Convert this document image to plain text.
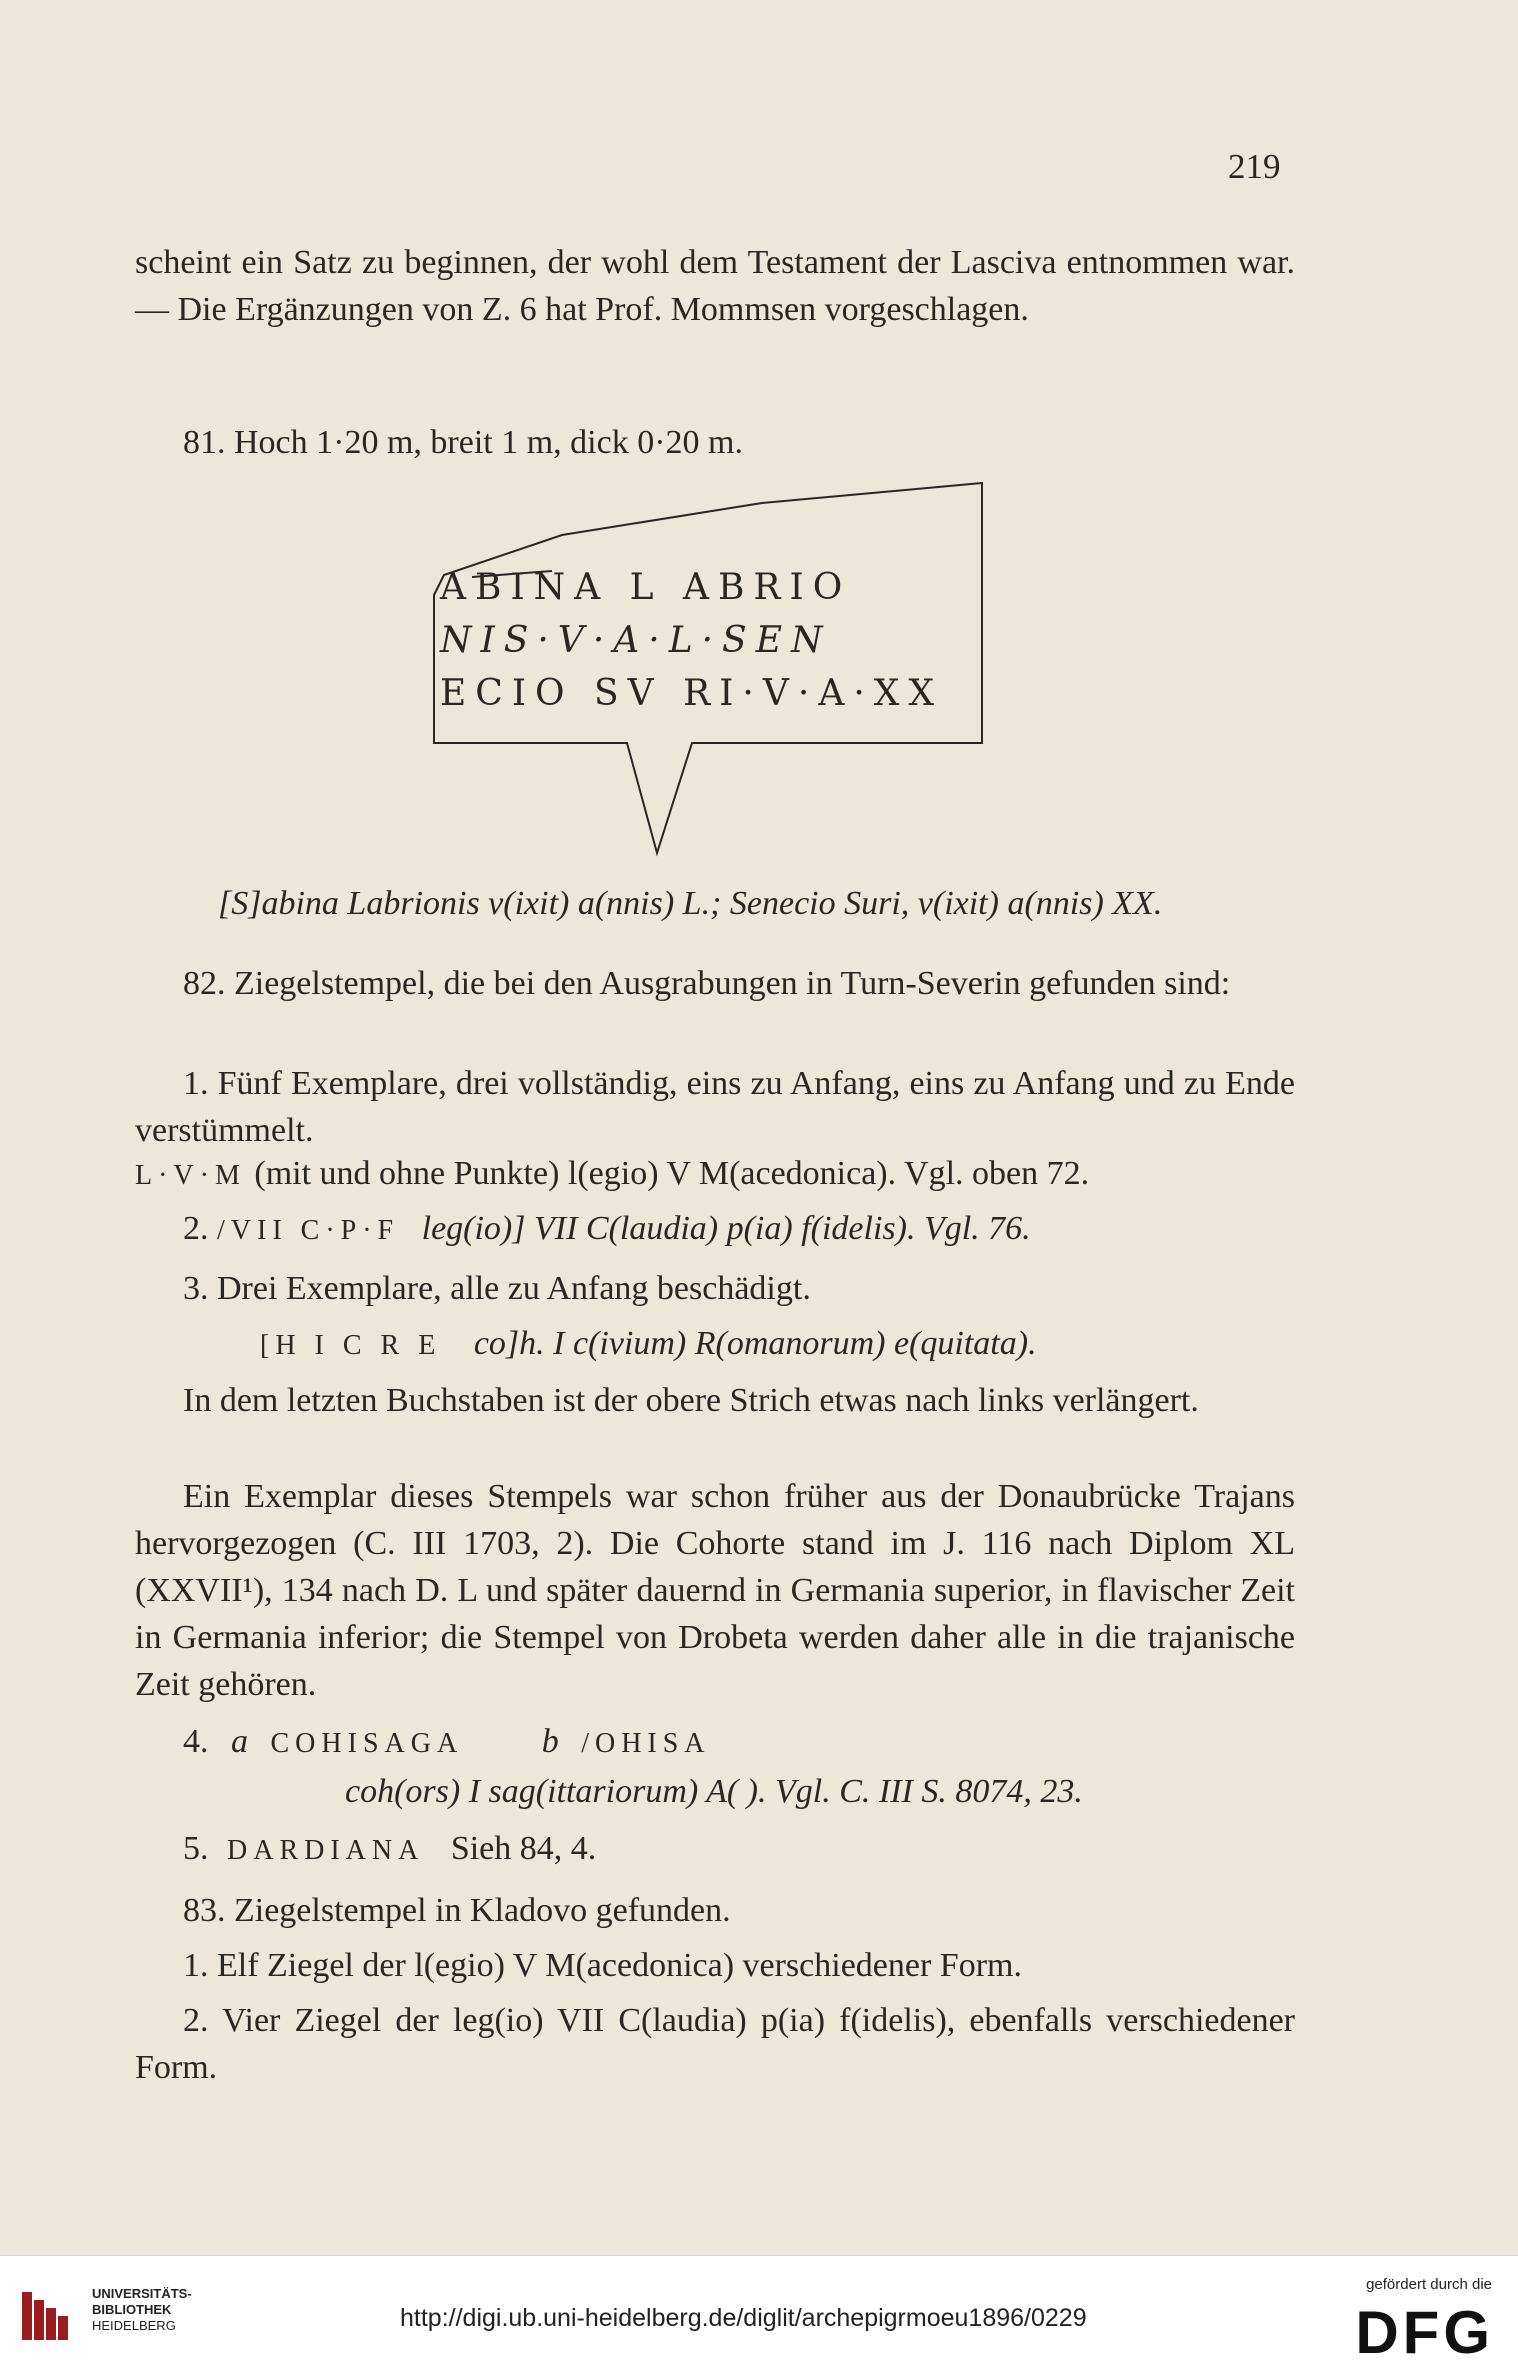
219
scheint ein Satz zu beginnen, der wohl dem Testament der Lasciva entnommen war. — Die Ergänzungen von Z. 6 hat Prof. Mommsen vorgeschlagen.
81. Hoch 1·20 m, breit 1 m, dick 0·20 m.
ABINA L ABRIO
NIS·V·A·L·SEN
ECIO SV RI·V·A·XX
[S]abina Labrionis v(ixit) a(nnis) L.; Senecio Suri, v(ixit) a(nnis) XX.
82. Ziegelstempel, die bei den Ausgrabungen in Turn-Severin gefunden sind:
1. Fünf Exemplare, drei vollständig, eins zu Anfang, eins zu Anfang und zu Ende verstümmelt.
L·V·M (mit und ohne Punkte) l(egio) V M(acedonica). Vgl. oben 72.
2. /VII C·P·F leg(io)] VII C(laudia) p(ia) f(idelis). Vgl. 76.
3. Drei Exemplare, alle zu Anfang beschädigt.
[H I C R E co]h. I c(ivium) R(omanorum) e(quitata).
In dem letzten Buchstaben ist der obere Strich etwas nach links verlängert.
Ein Exemplar dieses Stempels war schon früher aus der Donaubrücke Trajans hervorgezogen (C. III 1703, 2). Die Cohorte stand im J. 116 nach Diplom XL (XXVII¹), 134 nach D. L und später dauernd in Germania superior, in flavischer Zeit in Germania inferior; die Stempel von Drobeta werden daher alle in die trajanische Zeit gehören.
4. a COHISAGA b /OHISA
coh(ors) I sag(ittariorum) A( ). Vgl. C. III S. 8074, 23.
5. DARDIANA Sieh 84, 4.
83. Ziegelstempel in Kladovo gefunden.
1. Elf Ziegel der l(egio) V M(acedonica) verschiedener Form.
2. Vier Ziegel der leg(io) VII C(laudia) p(ia) f(idelis), ebenfalls verschiedener Form.
UNIVERSITÄTS-
BIBLIOTHEK
HEIDELBERG	http://digi.ub.uni-heidelberg.de/diglit/archepigrmoeu1896/0229
gefördert durch die
DFG
